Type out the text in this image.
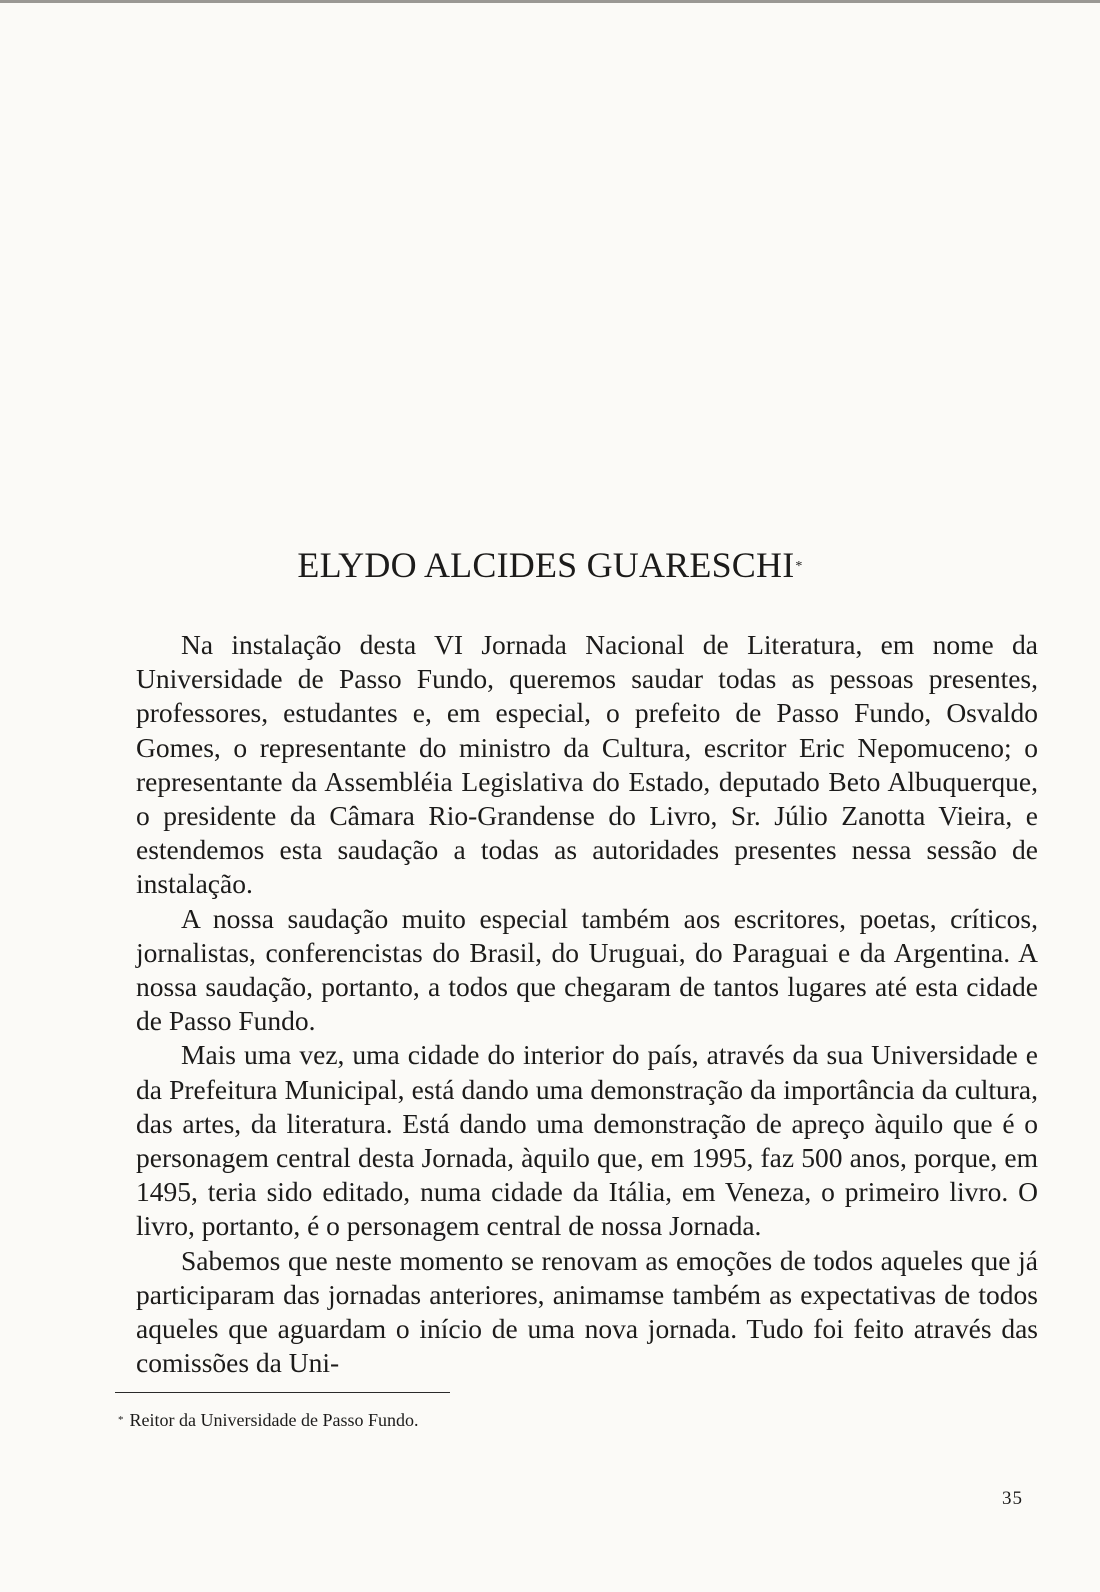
ELYDO ALCIDES GUARESCHI*

Na instalação desta VI Jornada Nacional de Literatura, em nome da Universidade de Passo Fundo, queremos saudar todas as pessoas presentes, professores, estudantes e, em especial, o prefeito de Passo Fundo, Osvaldo Gomes, o representante do ministro da Cultura, escritor Eric Nepomuceno; o representante da Assembléia Legislativa do Estado, deputado Beto Albuquerque, o presidente da Câmara Rio-Grandense do Livro, Sr. Júlio Zanotta Vieira, e estendemos esta saudação a todas as autoridades presentes nessa sessão de instalação.

A nossa saudação muito especial também aos escritores, poetas, críticos, jornalistas, conferencistas do Brasil, do Uruguai, do Paraguai e da Argentina. A nossa saudação, portanto, a todos que chegaram de tantos lugares até esta cidade de Passo Fundo.

Mais uma vez, uma cidade do interior do país, através da sua Universidade e da Prefeitura Municipal, está dando uma demonstração da importância da cultura, das artes, da literatura. Está dando uma demonstração de apreço àquilo que é o personagem central desta Jornada, àquilo que, em 1995, faz 500 anos, porque, em 1495, teria sido editado, numa cidade da Itália, em Veneza, o primeiro livro. O livro, portanto, é o personagem central de nossa Jornada.

Sabemos que neste momento se renovam as emoções de todos aqueles que já participaram das jornadas anteriores, animamse também as expectativas de todos aqueles que aguardam o início de uma nova jornada. Tudo foi feito através das comissões da Uni-

* Reitor da Universidade de Passo Fundo.
35
